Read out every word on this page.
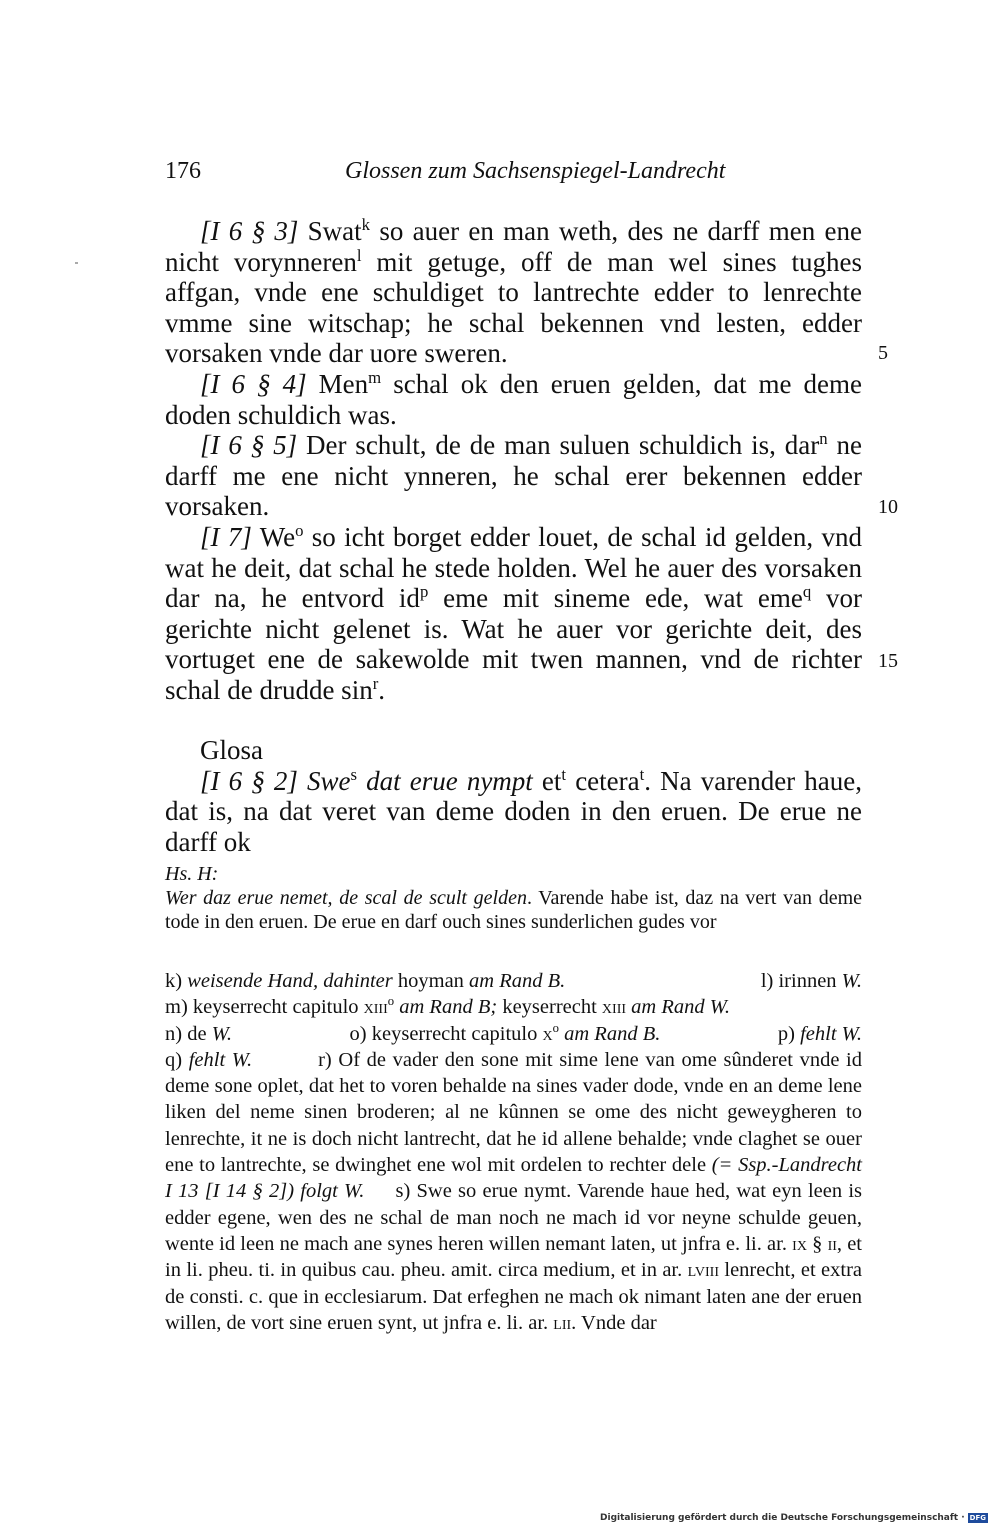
176	Glossen zum Sachsenspiegel-Landrecht

[I 6 § 3] Swat$^k$ so auer en man weth, des ne darff men ene nicht vorynneren$^l$ mit getuge, off de man wel sines tughes affgan, vnde ene schuldiget to lantrechte edder to lenrechte vmme sine witschap; he schal bekennen vnd lesten, edder vorsaken vnde dar uore sweren.

[I 6 § 4] Men$^m$ schal ok den eruen gelden, dat me deme doden schuldich was.

[I 6 § 5] Der schult, de de man suluen schuldich is, dar$^n$ ne darff me ene nicht ynneren, he schal erer bekennen edder vorsaken.

[I 7] We$^o$ so icht borget edder louet, de schal id gelden, vnd wat he deit, dat schal he stede holden. Wel he auer des vorsaken dar na, he entvord $id^p$ eme mit sineme ede, wat eme$^q$ vor gerichte nicht gelenet is. Wat he auer vor gerichte deit, des vortuget ene de sakewolde mit twen mannen, vnd de richter schal de drudde $\sin^r$.

5
10
15
Glosa

[I 6 § 2] Swe$^s$ dat erue nympt $et^t$ cetera$^t$. Na varender haue, dat is, na dat veret van deme doden in den eruen. De erue ne darff ok

Hs. H:

Wer daz erue nemet, de scal de scult gelden. Varende habe ist, daz na vert van deme tode in den eruen. De erue en darf ouch sines sunderlichen gudes vor

k) weisende Hand, dahinter hoyman am Rand B.	l) irinnen W.
m) keyserrecht capitulo xiii$^o$ am Rand B; keyserrecht xiii am Rand W.
n) de W.	o) keyserrecht capitulo $x^o$ am Rand B.	p) fehlt W.

q) fehlt W.	r) Of de vader den sone mit sime lene van ome sûnderet vnde id deme sone oplet, dat het to voren behalde na sines vader dode, vnde en an deme lene liken del neme sinen broderen; al ne kûnnen se ome des nicht geweygheren to lenrechte, it ne is doch nicht lantrecht, dat he id allene behalde; vnde claghet se ouer ene to lantrechte, se dwinghet ene wol mit ordelen to rechter dele (= Ssp.-Landrecht I 13 [I 14 § 2]) folgt W.     s) Swe so erue nymt. Varende haue hed, wat eyn leen is edder egene, wen des ne schal de man noch ne mach id vor neyne schulde geuen, wente id leen ne mach ane synes heren willen nemant laten, ut jnfra e. li. ar. ix § ii, et in li. pheu. ti. in quibus cau. pheu. amit. circa medium, et in ar. lviii lenrecht, et extra de consti. c. que in ecclesiarum. Dat erfeghen ne mach ok nimant laten ane der eruen willen, de vort sine eruen synt, ut jnfra e. li. ar. lii. Vnde dar

Digitalisierung gefördert durch die Deutsche Forschungsgemeinschaft · DFG
